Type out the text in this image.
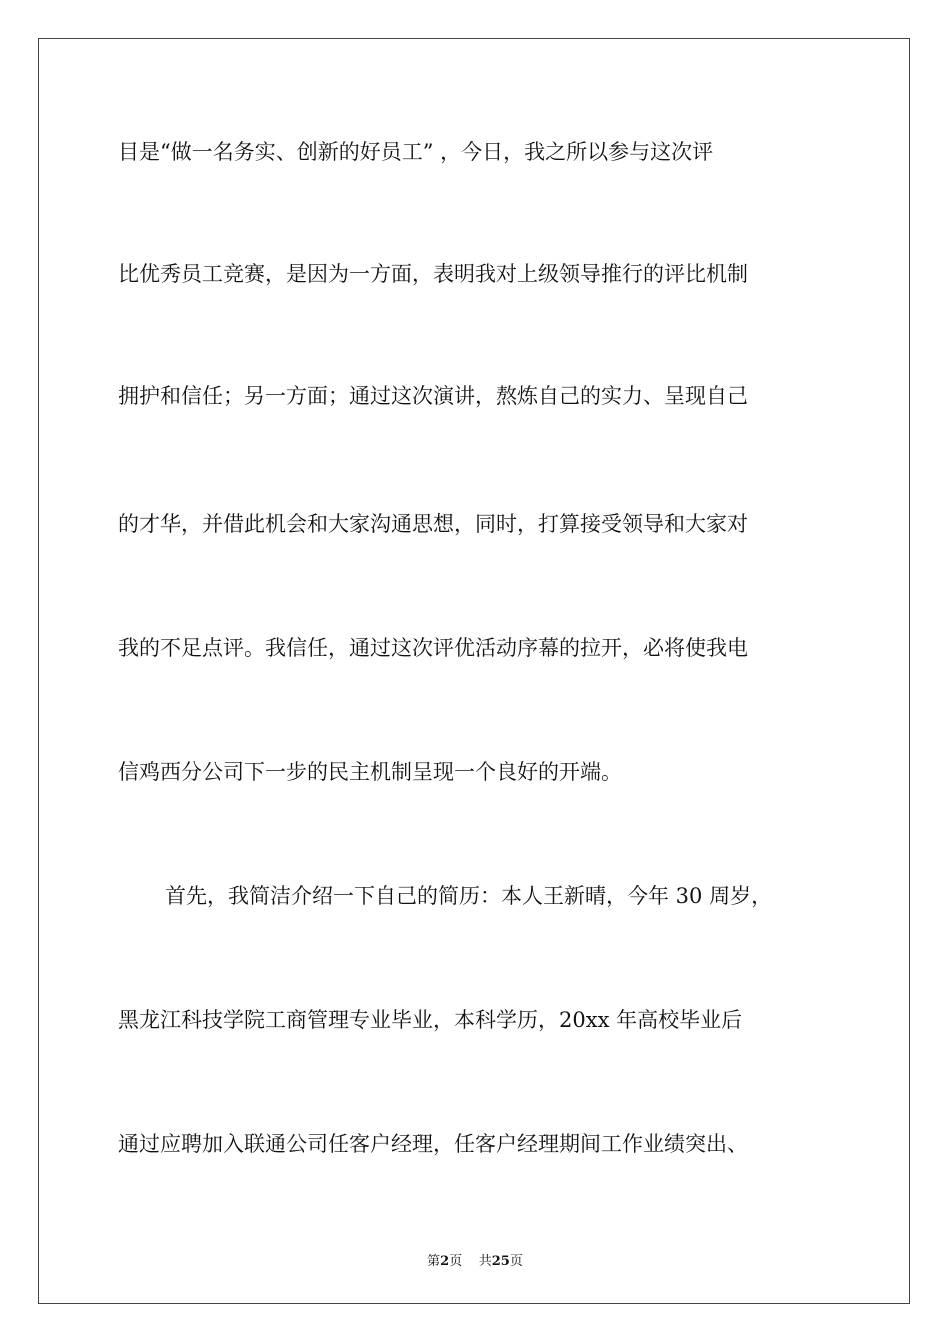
目是“做一名务实、创新的好员工” ，今日，我之所以参与这次评
比优秀员工竞赛，是因为一方面，表明我对上级领导推行的评比机制
拥护和信任；另一方面；通过这次演讲，熬炼自己的实力、呈现自己
的才华，并借此机会和大家沟通思想，同时，打算接受领导和大家对
我的不足点评。我信任，通过这次评优活动序幕的拉开，必将使我电
信鸡西分公司下一步的民主机制呈现一个良好的开端。
首先，我简洁介绍一下自己的简历：本人王新晴，今年 30 周岁，
黑龙江科技学院工商管理专业毕业，本科学历，20xx 年高校毕业后
通过应聘加入联通公司任客户经理，任客户经理期间工作业绩突出、
第2页 共25页
